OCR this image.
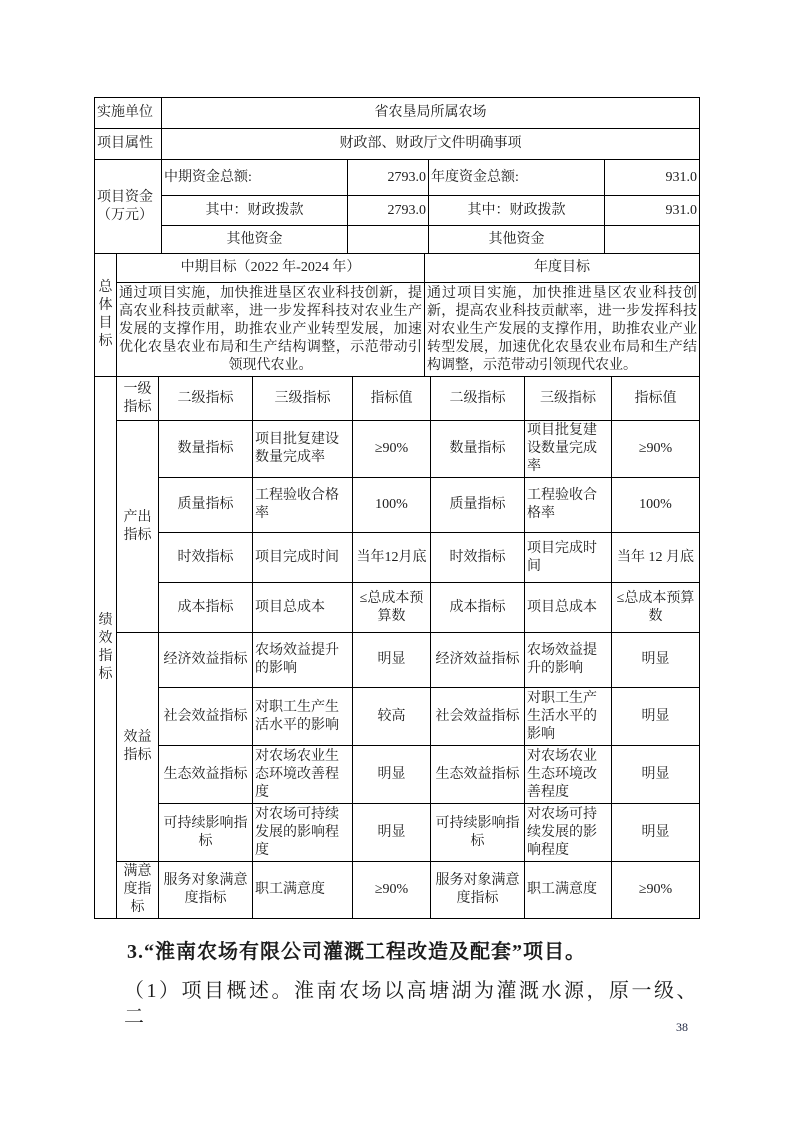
实施单位	省农垦局所属农场
项目属性	财政部、财政厅文件明确事项
项目资金（万元）	中期资金总额:	2793.0	年度资金总额:	931.0
	其中：财政拨款	2793.0	其中：财政拨款	931.0
	其他资金		其他资金	
总体目标	中期目标（2022 年-2024 年）	年度目标
	通过项目实施，加快推进垦区农业科技创新，提高农业科技贡献率，进一步发挥科技对农业生产发展的支撑作用，助推农业产业转型发展，加速优化农垦农业布局和生产结构调整，示范带动引领现代农业。	通过项目实施，加快推进垦区农业科技创新，提高农业科技贡献率，进一步发挥科技对农业生产发展的支撑作用，助推农业产业转型发展，加速优化农垦农业布局和生产结构调整，示范带动引领现代农业。
绩效指标	一级指标	二级指标	三级指标	指标值	二级指标	三级指标	指标值
	产出指标	数量指标	项目批复建设数量完成率	≥90%	数量指标	项目批复建设数量完成率	≥90%
		质量指标	工程验收合格率	100%	质量指标	工程验收合格率	100%
		时效指标	项目完成时间	当年12月底	时效指标	项目完成时间	当年 12 月底
		成本指标	项目总成本	≤总成本预算数	成本指标	项目总成本	≤总成本预算数
	效益指标	经济效益指标	农场效益提升的影响	明显	经济效益指标	农场效益提升的影响	明显
		社会效益指标	对职工生产生活水平的影响	较高	社会效益指标	对职工生产生活水平的影响	明显
		生态效益指标	对农场农业生态环境改善程度	明显	生态效益指标	对农场农业生态环境改善程度	明显
		可持续影响指标	对农场可持续发展的影响程度	明显	可持续影响指标	对农场可持续发展的影响程度	明显
	满意度指标	服务对象满意度指标	职工满意度	≥90%	服务对象满意度指标	职工满意度	≥90%
3.“淮南农场有限公司灌溉工程改造及配套”项目。
（1）项目概述。淮南农场以高塘湖为灌溉水源，原一级、二	38
